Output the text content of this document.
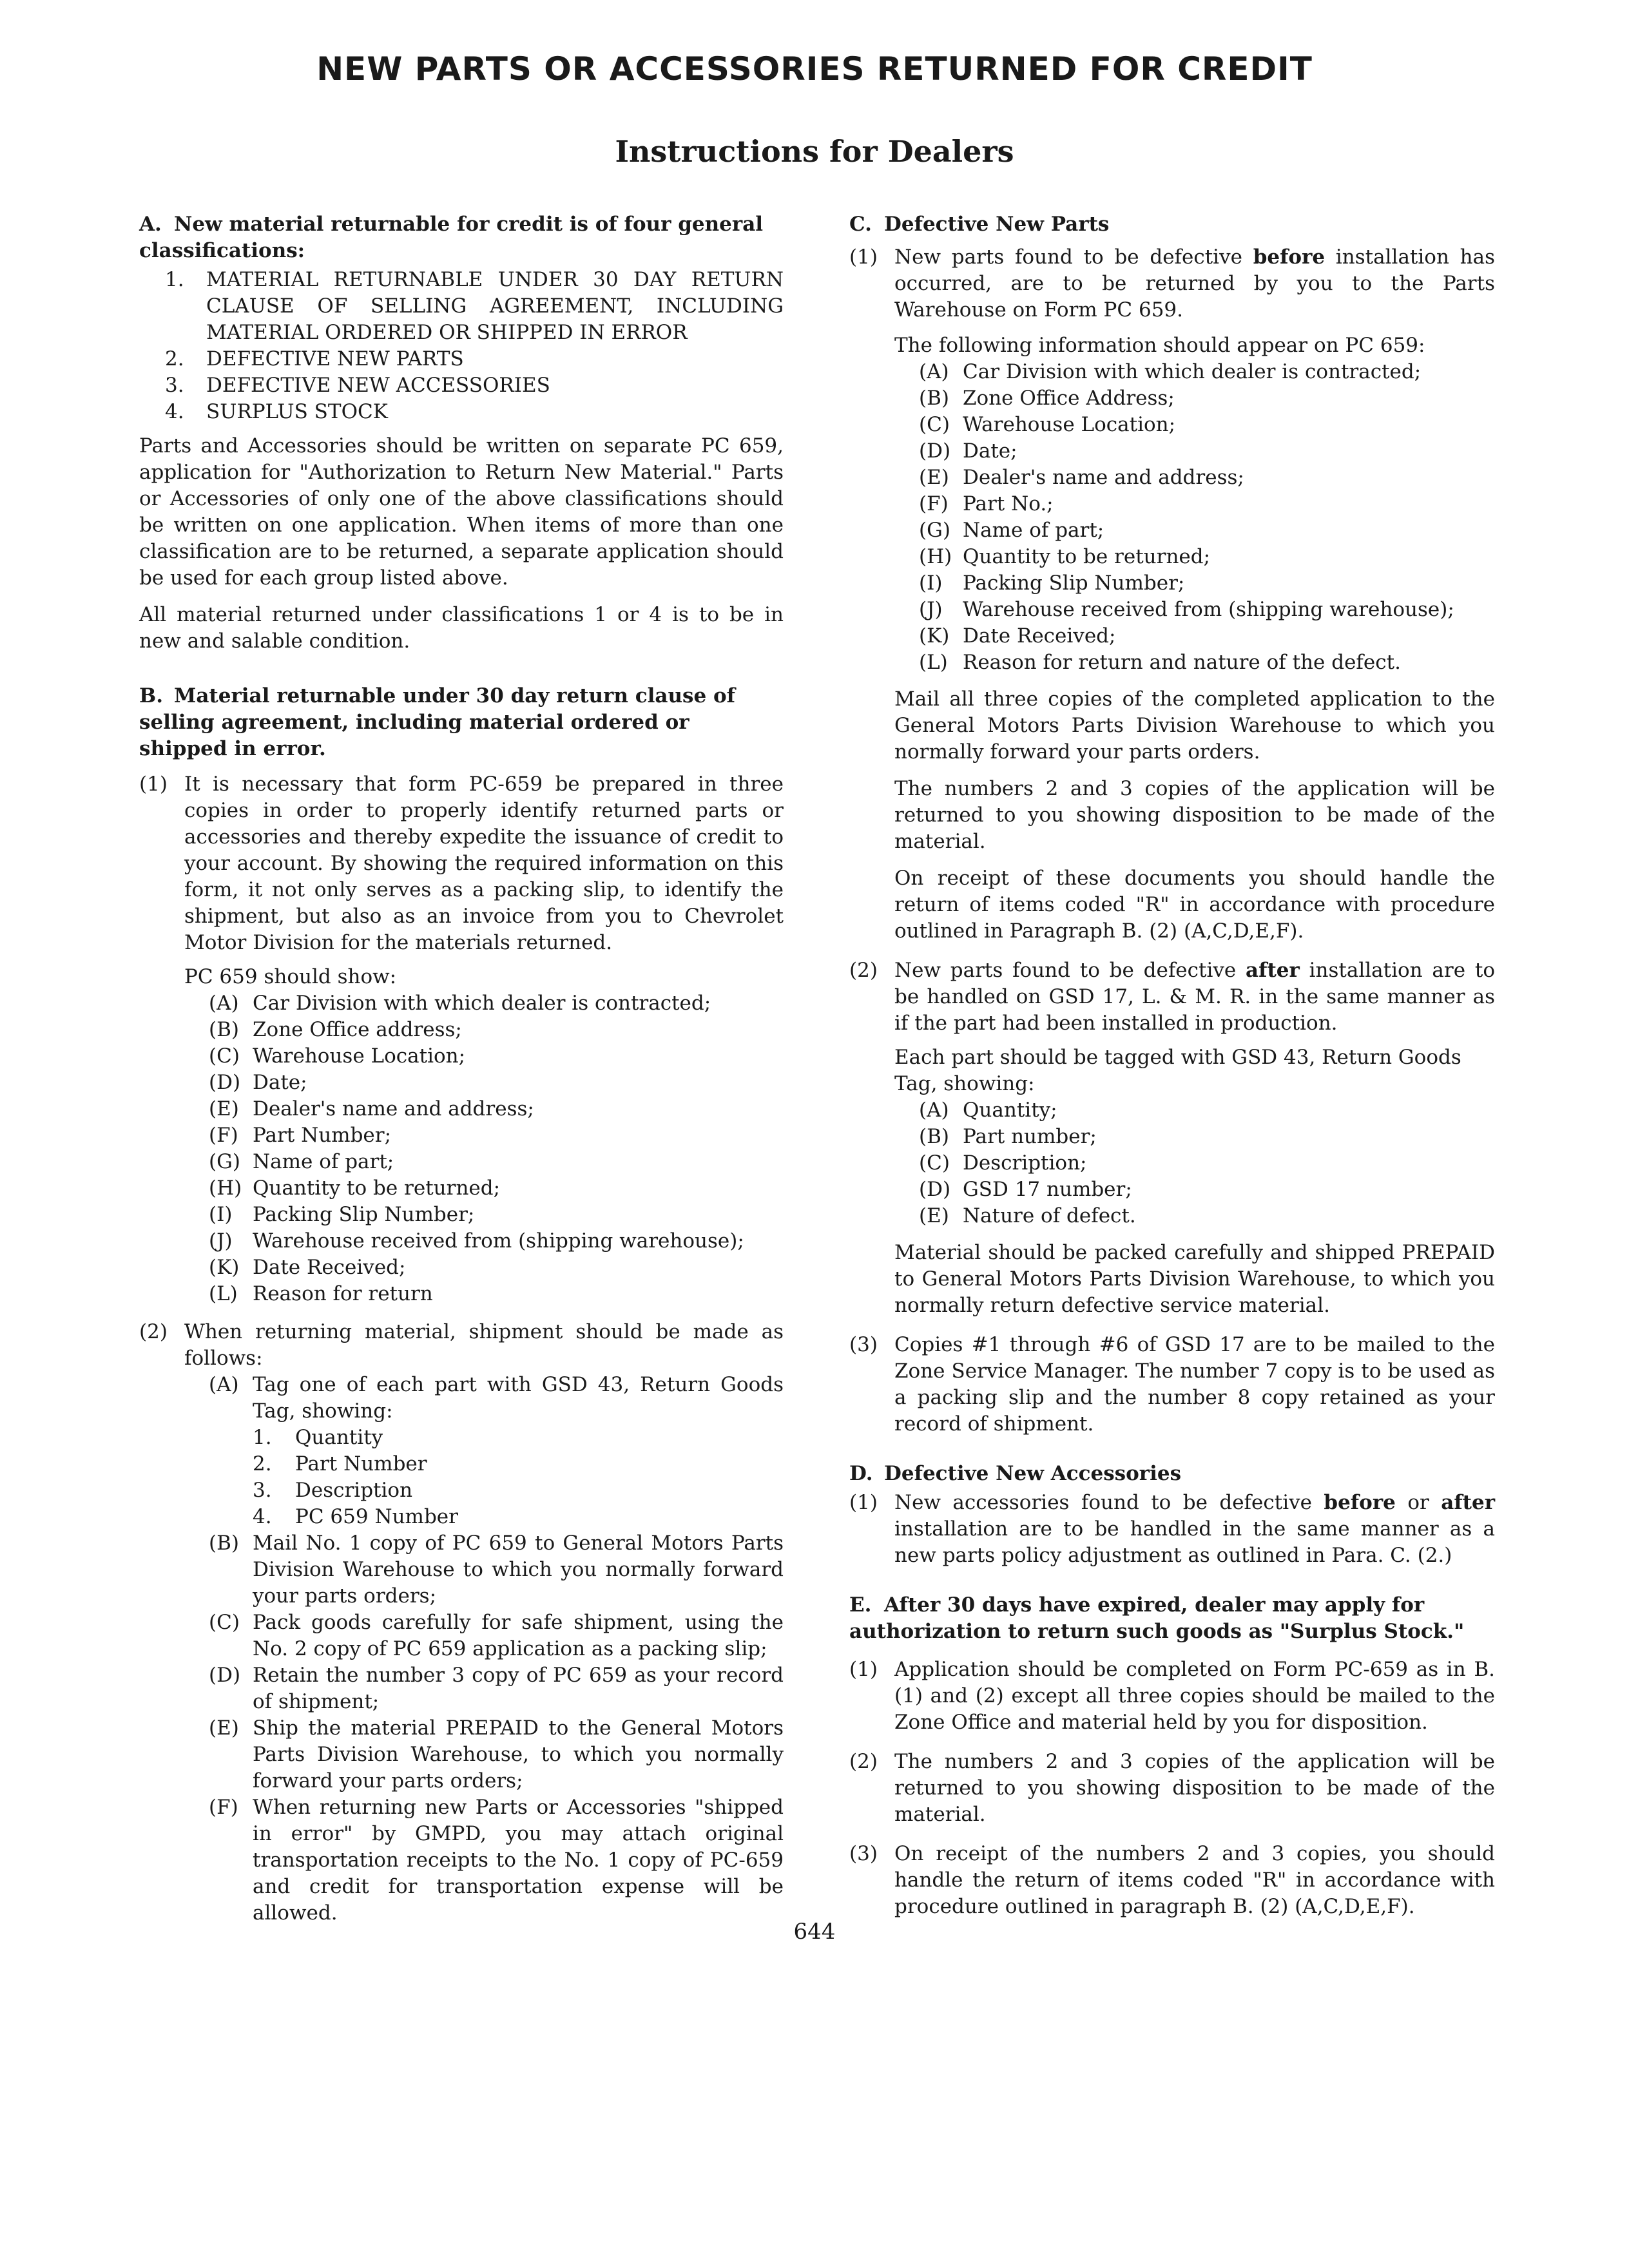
NEW PARTS OR ACCESSORIES RETURNED FOR CREDIT
Instructions for Dealers

A. New material returnable for credit is of four general classifications:

1.	MATERIAL RETURNABLE UNDER 30 DAY RETURN CLAUSE OF SELLING AGREEMENT, INCLUDING MATERIAL ORDERED OR SHIPPED IN ERROR
2.	DEFECTIVE NEW PARTS
3.	DEFECTIVE NEW ACCESSORIES
4.	SURPLUS STOCK

Parts and Accessories should be written on separate PC 659, application for "Authorization to Return New Material." Parts or Accessories of only one of the above classifications should be written on one application. When items of more than one classification are to be returned, a separate application should be used for each group listed above.

All material returned under classifications 1 or 4 is to be in new and salable condition.

B. Material returnable under 30 day return clause of selling agreement, including material ordered or shipped in error.

(1) It is necessary that form PC-659 be prepared in three copies in order to properly identify returned parts or accessories and thereby expedite the issuance of credit to your account. By showing the required information on this form, it not only serves as a packing slip, to identify the shipment, but also as an invoice from you to Chevrolet Motor Division for the materials returned.

PC 659 should show:

(A) Car Division with which dealer is contracted;
(B) Zone Office address;
(C) Warehouse Location;
(D) Date;
(E) Dealer's name and address;
(F) Part Number;
(G) Name of part;
(H) Quantity to be returned;
(I)	Packing Slip Number;
(J)	Warehouse received from (shipping warehouse);
(K) Date Received;
(L) Reason for return
(2) When returning material, shipment should be made as follows:
(A) Tag one of each part with GSD 43, Return Goods Tag, showing:
1.	Quantity
2.	Part Number
3.	Description
4.	PC 659 Number
(B) Mail No. 1 copy of PC 659 to General Motors Parts Division Warehouse to which you normally forward your parts orders;
(C) Pack goods carefully for safe shipment, using the No. 2 copy of PC 659 application as a packing slip;
(D) Retain the number 3 copy of PC 659 as your record of shipment;
(E) Ship the material PREPAID to the General Motors Parts Division Warehouse, to which you normally forward your parts orders;
(F) When returning new Parts or Accessories "shipped in error" by GMPD, you may attach original transportation receipts to the No. 1 copy of PC-659 and credit for transportation expense will be allowed.

C. Defective New Parts

(1) New parts found to be defective before installation has occurred, are to be returned by you to the Parts Warehouse on Form PC 659.

The following information should appear on PC 659:

(A) Car Division with which dealer is contracted;
(B) Zone Office Address;
(C) Warehouse Location;
(D) Date;
(E) Dealer's name and address;
(F) Part No.;
(G) Name of part;
(H) Quantity to be returned;
(I)	Packing Slip Number;
(J)	Warehouse received from (shipping warehouse);
(K) Date Received;
(L) Reason for return and nature of the defect.

Mail all three copies of the completed application to the General Motors Parts Division Warehouse to which you normally forward your parts orders.

The numbers 2 and 3 copies of the application will be returned to you showing disposition to be made of the material.

On receipt of these documents you should handle the return of items coded "R" in accordance with procedure outlined in Paragraph B. (2) (A,C,D,E,F).

(2) New parts found to be defective after installation are to be handled on GSD 17, L. & M. R. in the same manner as if the part had been installed in production.

Each part should be tagged with GSD 43, Return Goods Tag, showing:

(A) Quantity;
(B) Part number;
(C) Description;
(D) GSD 17 number;
(E) Nature of defect.

Material should be packed carefully and shipped PREPAID to General Motors Parts Division Warehouse, to which you normally return defective service material.

(3) Copies #1 through #6 of GSD 17 are to be mailed to the Zone Service Manager. The number 7 copy is to be used as a packing slip and the number 8 copy retained as your record of shipment.

D. Defective New Accessories

(1) New accessories found to be defective before or after installation are to be handled in the same manner as a new parts policy adjustment as outlined in Para. C. (2.)

E. After 30 days have expired, dealer may apply for authorization to return such goods as "Surplus Stock."

(1) Application should be completed on Form PC-659 as in B. (1) and (2) except all three copies should be mailed to the Zone Office and material held by you for disposition.
(2) The numbers 2 and 3 copies of the application will be returned to you showing disposition to be made of the material.
(3) On receipt of the numbers 2 and 3 copies, you should handle the return of items coded "R" in accordance with procedure outlined in paragraph B. (2) (A,C,D,E,F).
644
